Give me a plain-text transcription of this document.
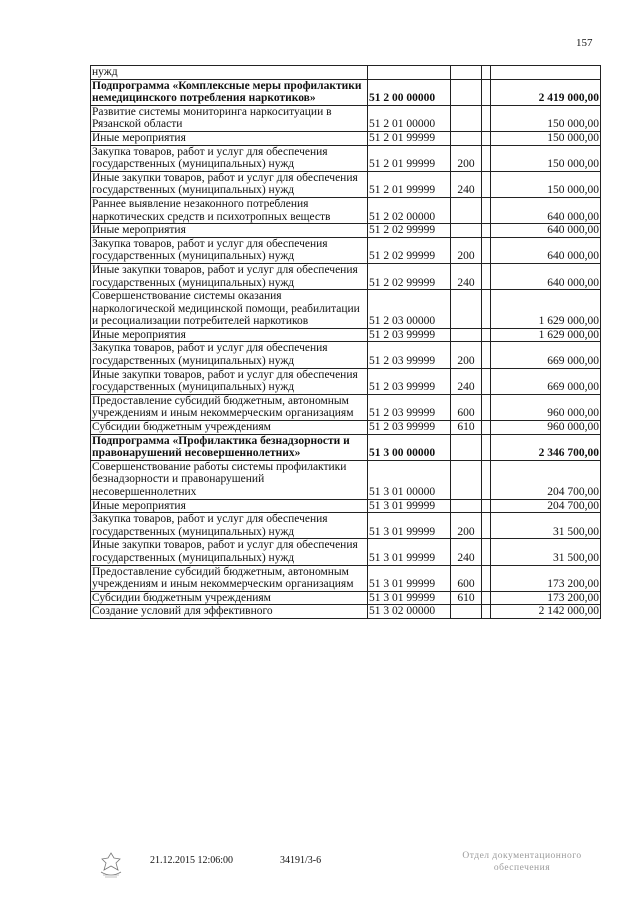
157
нужд				
Подпрограмма «Комплексные меры профилактики немедицинского потребления наркотиков»	51 2 00 00000			2 419 000,00
Развитие системы мониторинга наркоситуации в Рязанской области	51 2 01 00000			150 000,00
Иные мероприятия	51 2 01 99999			150 000,00
Закупка товаров, работ и услуг для обеспечения государственных (муниципальных) нужд	51 2 01 99999	200		150 000,00
Иные закупки товаров, работ и услуг для обеспечения государственных (муниципальных) нужд	51 2 01 99999	240		150 000,00
Раннее выявление незаконного потребления наркотических средств и психотропных веществ	51 2 02 00000			640 000,00
Иные мероприятия	51 2 02 99999			640 000,00
Закупка товаров, работ и услуг для обеспечения государственных (муниципальных) нужд	51 2 02 99999	200		640 000,00
Иные закупки товаров, работ и услуг для обеспечения государственных (муниципальных) нужд	51 2 02 99999	240		640 000,00
Совершенствование системы оказания наркологической медицинской помощи, реабилитации и ресоциализации потребителей наркотиков	51 2 03 00000			1 629 000,00
Иные мероприятия	51 2 03 99999			1 629 000,00
Закупка товаров, работ и услуг для обеспечения государственных (муниципальных) нужд	51 2 03 99999	200		669 000,00
Иные закупки товаров, работ и услуг для обеспечения государственных (муниципальных) нужд	51 2 03 99999	240		669 000,00
Предоставление субсидий бюджетным, автономным учреждениям и иным некоммерческим организациям	51 2 03 99999	600		960 000,00
Субсидии бюджетным учреждениям	51 2 03 99999	610		960 000,00
Подпрограмма «Профилактика безнадзорности и правонарушений несовершеннолетних»	51 3 00 00000			2 346 700,00
Совершенствование работы системы профилактики безнадзорности и правонарушений несовершеннолетних	51 3 01 00000			204 700,00
Иные мероприятия	51 3 01 99999			204 700,00
Закупка товаров, работ и услуг для обеспечения государственных (муниципальных) нужд	51 3 01 99999	200		31 500,00
Иные закупки товаров, работ и услуг для обеспечения государственных (муниципальных) нужд	51 3 01 99999	240		31 500,00
Предоставление субсидий бюджетным, автономным учреждениям и иным некоммерческим организациям	51 3 01 99999	600		173 200,00
Субсидии бюджетным учреждениям	51 3 01 99999	610		173 200,00
Создание условий для эффективного	51 3 02 00000			2 142 000,00
21.12.2015 12:06:00	34191/3-6	Отдел документационного
обеспечения
